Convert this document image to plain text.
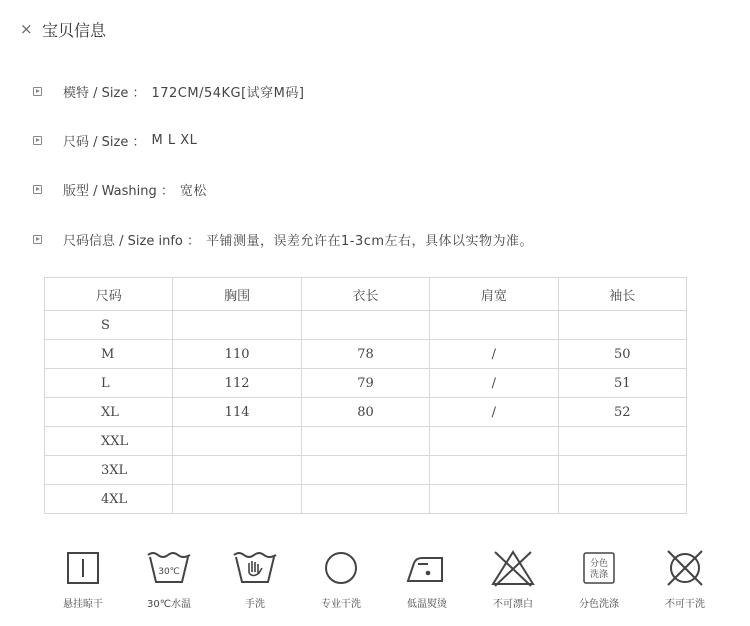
× 宝贝信息
模特 / Size ： 172CM/54KG[试穿M码]
尺码 / Size ： M L XL
版型 / Washing ： 宽松
尺码信息 / Size info ： 平铺测量，误差允许在1-3cm左右，具体以实物为准。
尺码	胸围	衣长	肩宽	袖长
S				
M	110	78	/	50
L	112	79	/	51
XL	114	80	/	52
XXL				
3XL				
4XL				
悬挂晾干
30℃
30℃水温	手洗	专业干洗	低温熨烫	不可漂白
分色
洗涤
分色洗涤	不可干洗
